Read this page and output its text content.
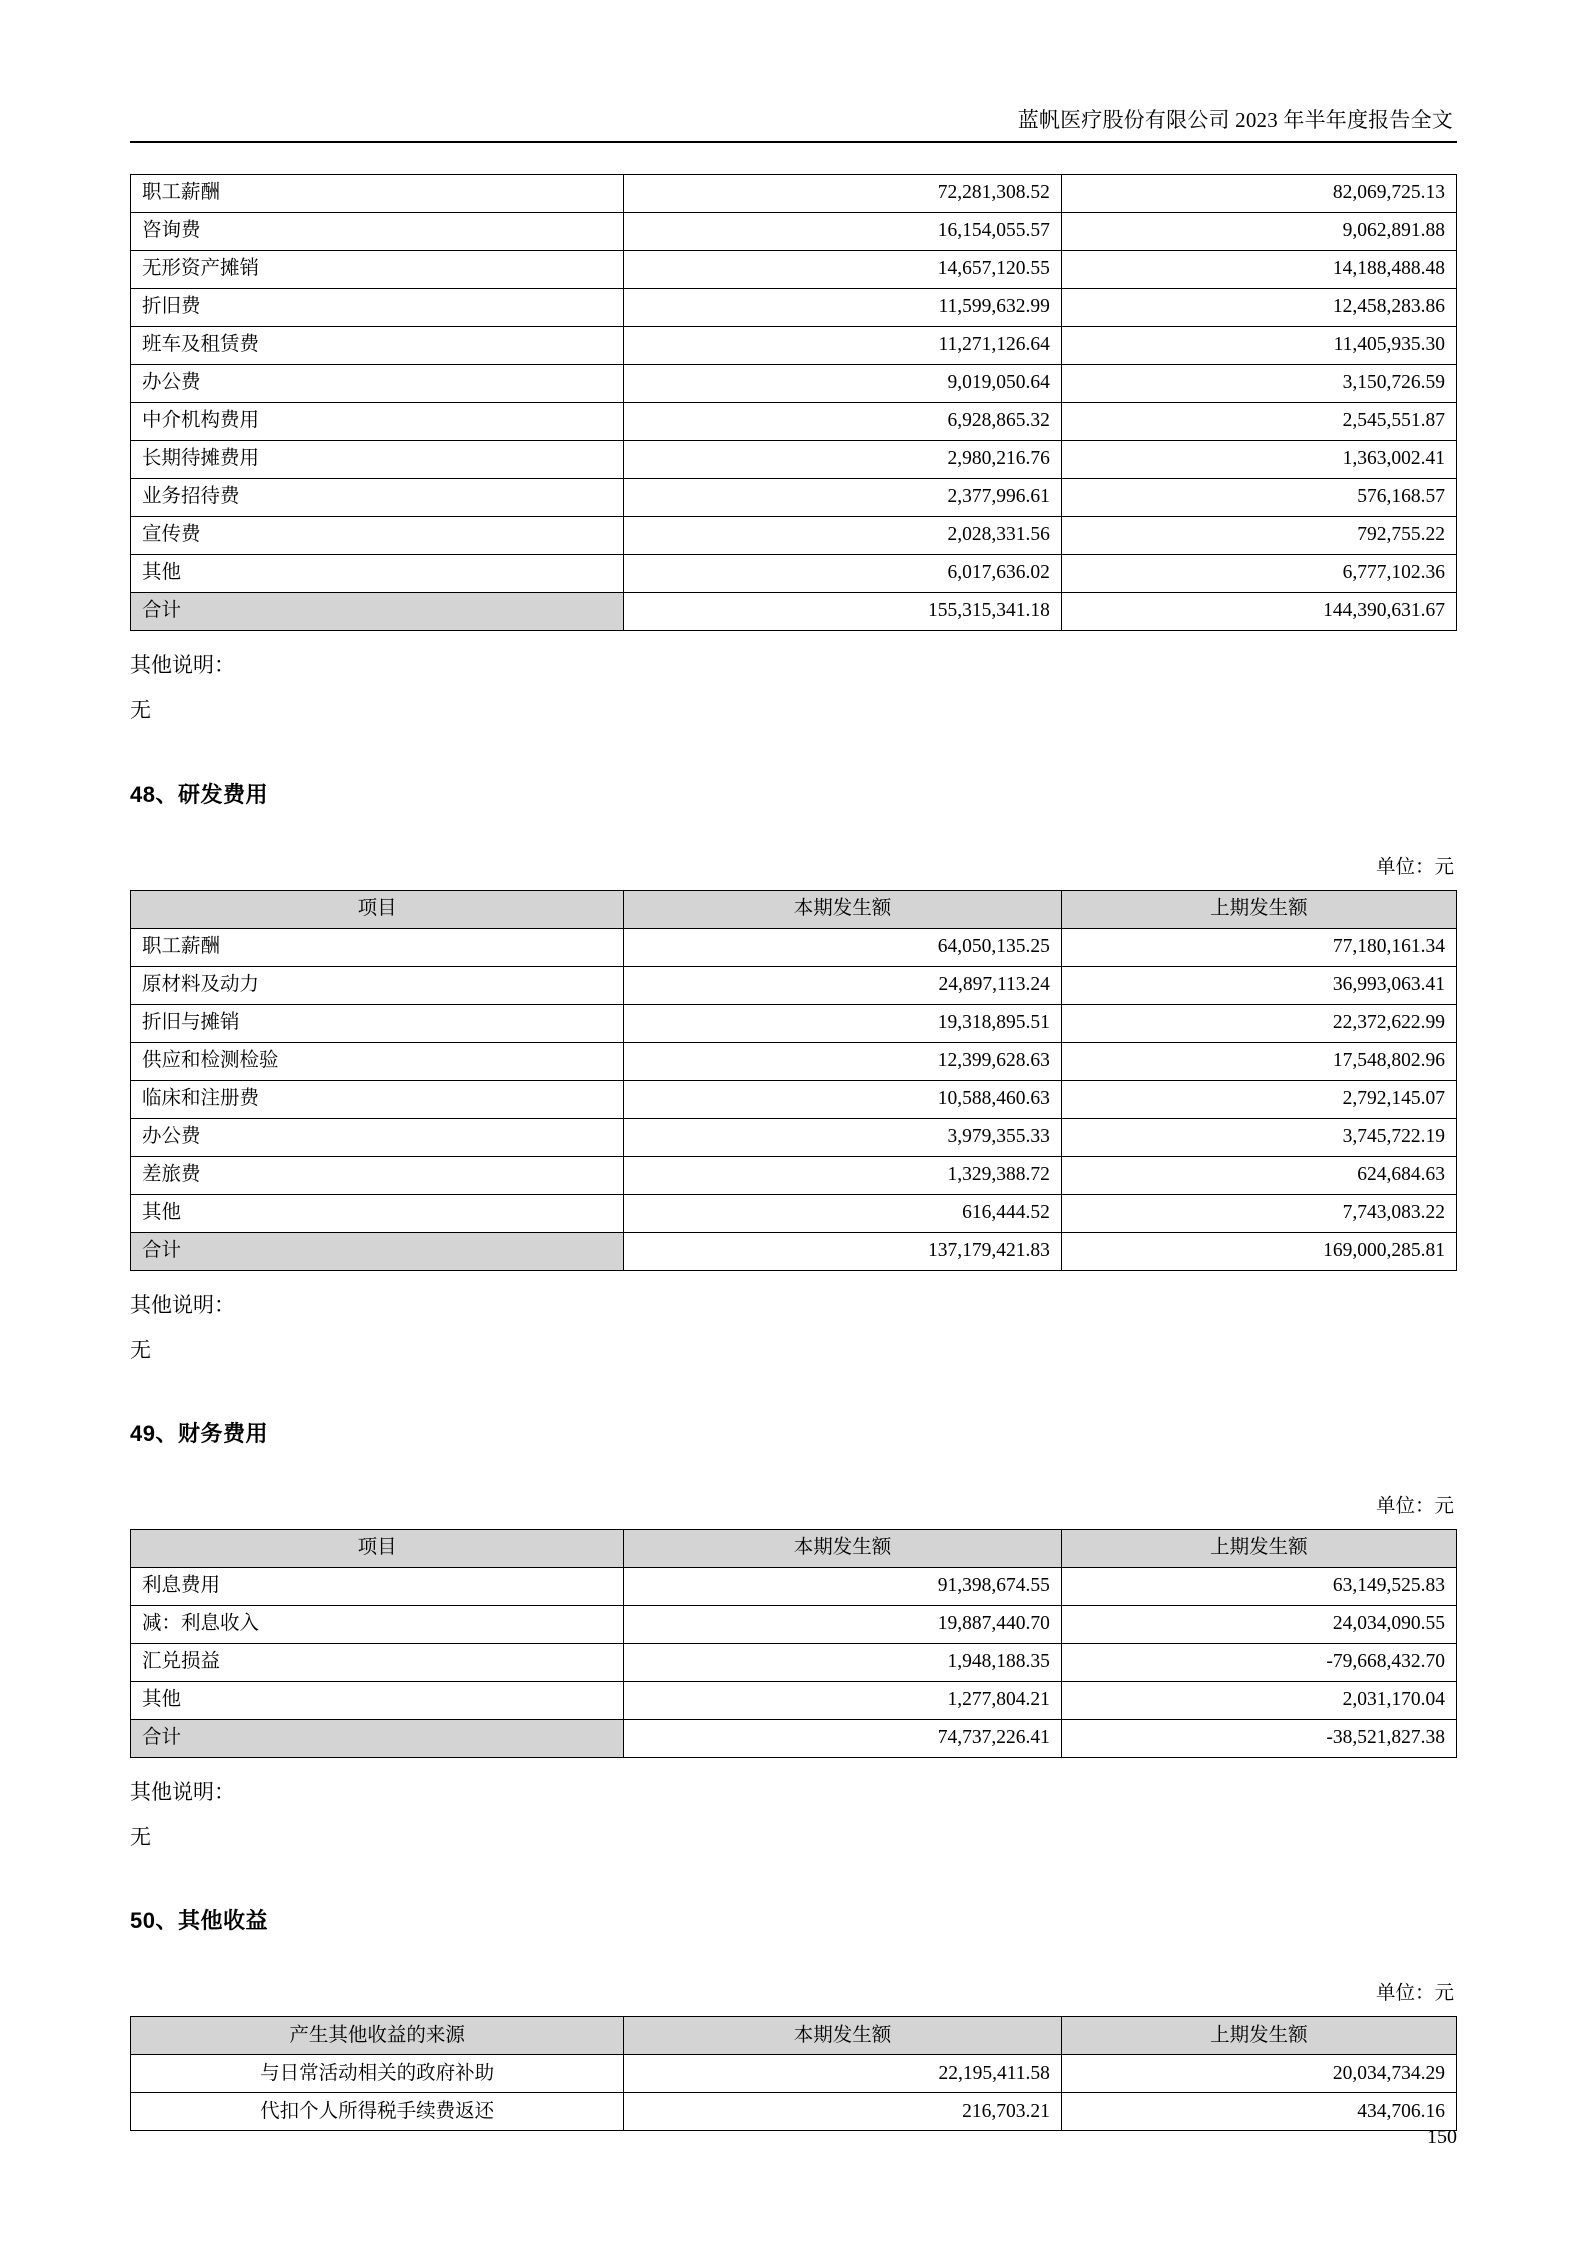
蓝帆医疗股份有限公司 2023 年半年度报告全文
职工薪酬	72,281,308.52	82,069,725.13
咨询费	16,154,055.57	9,062,891.88
无形资产摊销	14,657,120.55	14,188,488.48
折旧费	11,599,632.99	12,458,283.86
班车及租赁费	11,271,126.64	11,405,935.30
办公费	9,019,050.64	3,150,726.59
中介机构费用	6,928,865.32	2,545,551.87
长期待摊费用	2,980,216.76	1,363,002.41
业务招待费	2,377,996.61	576,168.57
宣传费	2,028,331.56	792,755.22
其他	6,017,636.02	6,777,102.36
合计	155,315,341.18	144,390,631.67
其他说明：
无
48、研发费用
单位：元
项目	本期发生额	上期发生额
职工薪酬	64,050,135.25	77,180,161.34
原材料及动力	24,897,113.24	36,993,063.41
折旧与摊销	19,318,895.51	22,372,622.99
供应和检测检验	12,399,628.63	17,548,802.96
临床和注册费	10,588,460.63	2,792,145.07
办公费	3,979,355.33	3,745,722.19
差旅费	1,329,388.72	624,684.63
其他	616,444.52	7,743,083.22
合计	137,179,421.83	169,000,285.81
其他说明：
无
49、财务费用
单位：元
项目	本期发生额	上期发生额
利息费用	91,398,674.55	63,149,525.83
减：利息收入	19,887,440.70	24,034,090.55
汇兑损益	1,948,188.35	-79,668,432.70
其他	1,277,804.21	2,031,170.04
合计	74,737,226.41	-38,521,827.38
其他说明：
无
50、其他收益
单位：元
产生其他收益的来源	本期发生额	上期发生额
与日常活动相关的政府补助	22,195,411.58	20,034,734.29
代扣个人所得税手续费返还	216,703.21	434,706.16
150
